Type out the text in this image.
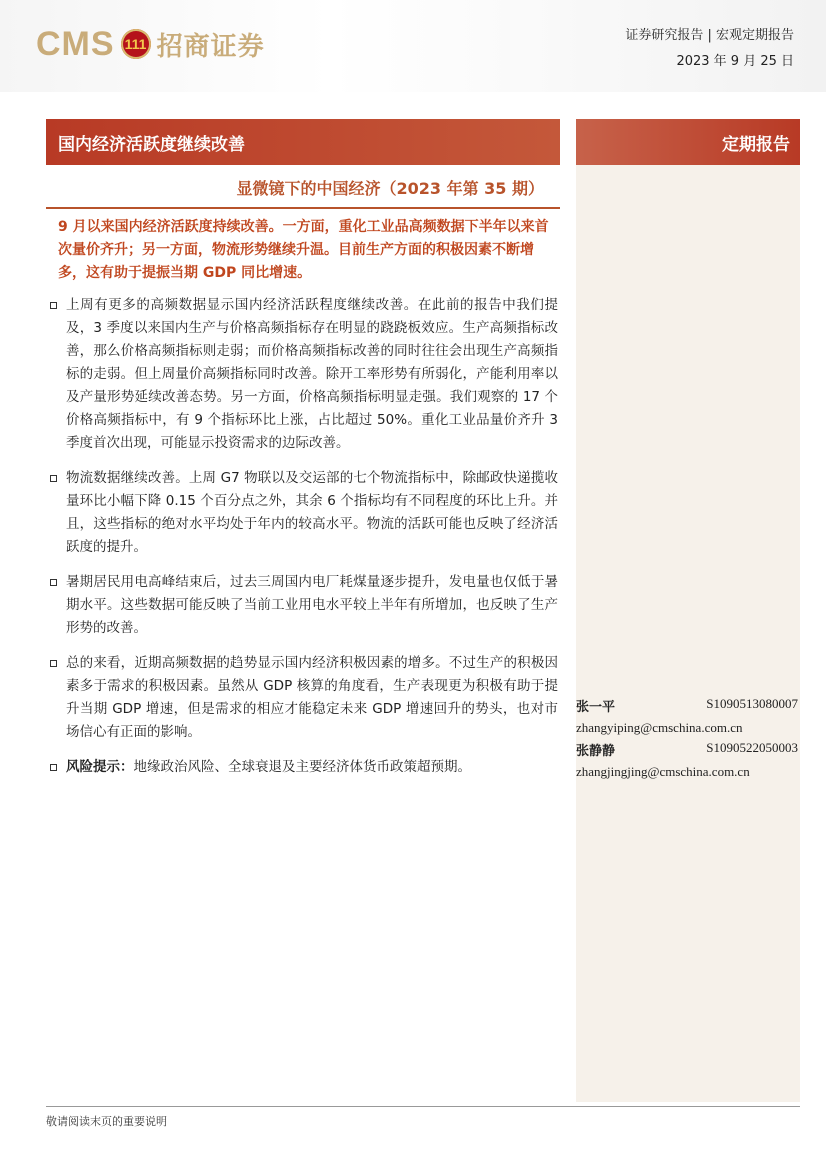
CMS 111 招商证券	证券研究报告 | 宏观定期报告
2023 年 9 月 25 日
国内经济活跃度继续改善	定期报告
显微镜下的中国经济（2023 年第 35 期）
9 月以来国内经济活跃度持续改善。一方面，重化工业品高频数据下半年以来首次量价齐升；另一方面，物流形势继续升温。目前生产方面的积极因素不断增多，这有助于提振当期 GDP 同比增速。
上周有更多的高频数据显示国内经济活跃程度继续改善。在此前的报告中我们提及，3 季度以来国内生产与价格高频指标存在明显的跷跷板效应。生产高频指标改善，那么价格高频指标则走弱；而价格高频指标改善的同时往往会出现生产高频指标的走弱。但上周量价高频指标同时改善。除开工率形势有所弱化，产能利用率以及产量形势延续改善态势。另一方面，价格高频指标明显走强。我们观察的 17 个价格高频指标中，有 9 个指标环比上涨，占比超过 50%。重化工业品量价齐升 3 季度首次出现，可能显示投资需求的边际改善。
物流数据继续改善。上周 G7 物联以及交运部的七个物流指标中，除邮政快递揽收量环比小幅下降 0.15 个百分点之外，其余 6 个指标均有不同程度的环比上升。并且，这些指标的绝对水平均处于年内的较高水平。物流的活跃可能也反映了经济活跃度的提升。
暑期居民用电高峰结束后，过去三周国内电厂耗煤量逐步提升，发电量也仅低于暑期水平。这些数据可能反映了当前工业用电水平较上半年有所增加，也反映了生产形势的改善。
总的来看，近期高频数据的趋势显示国内经济积极因素的增多。不过生产的积极因素多于需求的积极因素。虽然从 GDP 核算的角度看，生产表现更为积极有助于提升当期 GDP 增速，但是需求的相应才能稳定未来 GDP 增速回升的势头，也对市场信心有正面的影响。
风险提示：地缘政治风险、全球衰退及主要经济体货币政策超预期。
张一平	S1090513080007
zhangyiping@cmschina.com.cn
张静静	S1090522050003
zhangjingjing@cmschina.com.cn
敬请阅读末页的重要说明
